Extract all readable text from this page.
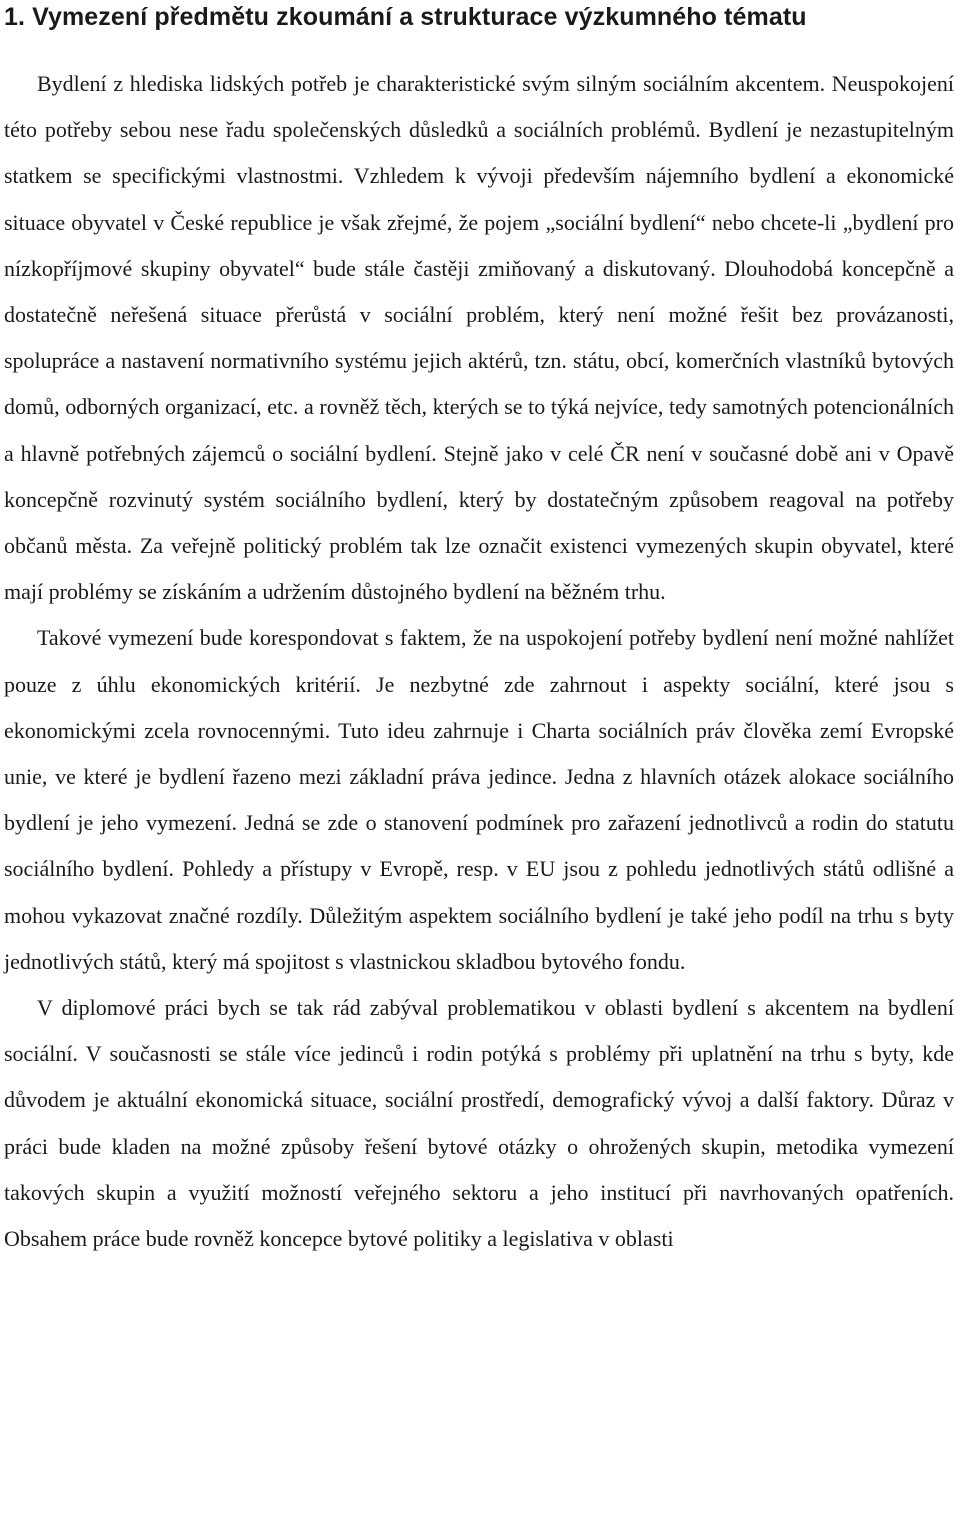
1. Vymezení předmětu zkoumání a strukturace výzkumného tématu

Bydlení z hlediska lidských potřeb je charakteristické svým silným sociálním akcentem. Neuspokojení této potřeby sebou nese řadu společenských důsledků a sociálních problémů. Bydlení je nezastupitelným statkem se specifickými vlastnostmi. Vzhledem k vývoji především nájemního bydlení a ekonomické situace obyvatel v České republice je však zřejmé, že pojem „sociální bydlení“ nebo chcete-li „bydlení pro nízkopříjmové skupiny obyvatel“ bude stále častěji zmiňovaný a diskutovaný. Dlouhodobá koncepčně a dostatečně neřešená situace přerůstá v sociální problém, který není možné řešit bez provázanosti, spolupráce a nastavení normativního systému jejich aktérů, tzn. státu, obcí, komerčních vlastníků bytových domů, odborných organizací, etc. a rovněž těch, kterých se to týká nejvíce, tedy samotných potencionálních a hlavně potřebných zájemců o sociální bydlení. Stejně jako v celé ČR není v současné době ani v Opavě koncepčně rozvinutý systém sociálního bydlení, který by dostatečným způsobem reagoval na potřeby občanů města. Za veřejně politický problém tak lze označit existenci vymezených skupin obyvatel, které mají problémy se získáním a udržením důstojného bydlení na běžném trhu.

Takové vymezení bude korespondovat s faktem, že na uspokojení potřeby bydlení není možné nahlížet pouze z úhlu ekonomických kritérií. Je nezbytné zde zahrnout i aspekty sociální, které jsou s ekonomickými zcela rovnocennými. Tuto ideu zahrnuje i Charta sociálních práv člověka zemí Evropské unie, ve které je bydlení řazeno mezi základní práva jedince. Jedna z hlavních otázek alokace sociálního bydlení je jeho vymezení. Jedná se zde o stanovení podmínek pro zařazení jednotlivců a rodin do statutu sociálního bydlení. Pohledy a přístupy v Evropě, resp. v EU jsou z pohledu jednotlivých států odlišné a mohou vykazovat značné rozdíly. Důležitým aspektem sociálního bydlení je také jeho podíl na trhu s byty jednotlivých států, který má spojitost s vlastnickou skladbou bytového fondu.

V diplomové práci bych se tak rád zabýval problematikou v oblasti bydlení s akcentem na bydlení sociální. V současnosti se stále více jedinců i rodin potýká s problémy při uplatnění na trhu s byty, kde důvodem je aktuální ekonomická situace, sociální prostředí, demografický vývoj a další faktory. Důraz v práci bude kladen na možné způsoby řešení bytové otázky o ohrožených skupin, metodika vymezení takových skupin a využití možností veřejného sektoru a jeho institucí při navrhovaných opatřeních. Obsahem práce bude rovněž koncepce bytové politiky a legislativa v oblasti
